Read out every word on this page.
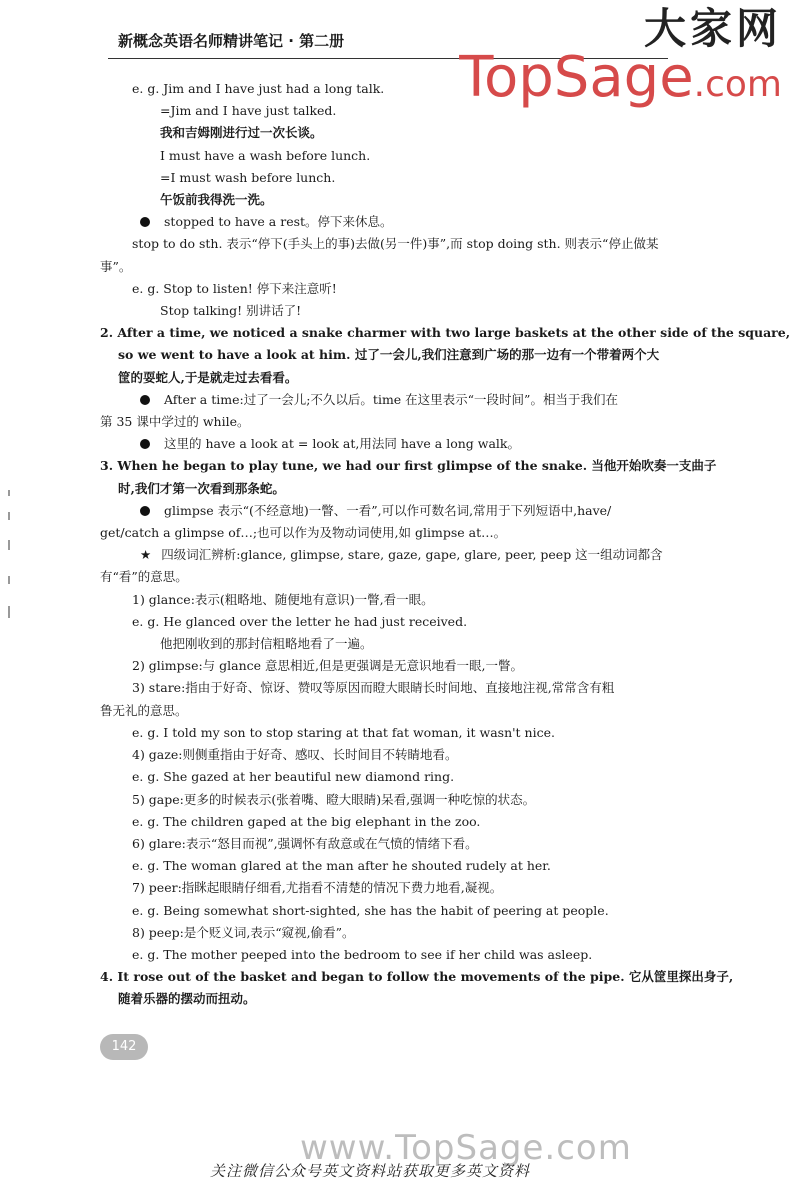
新概念英语名师精讲笔记 · 第二册	大家网
TopSage.com
e. g. Jim and I have just had a long talk.
=Jim and I have just talked.
我和吉姆刚进行过一次长谈。
I must have a wash before lunch.
=I must wash before lunch.
午饭前我得洗一洗。
stopped to have a rest。停下来休息。
stop to do sth. 表示“停下(手头上的事)去做(另一件)事”,而 stop doing sth. 则表示“停止做某
事”。
e. g. Stop to listen! 停下来注意听!
Stop talking! 别讲话了!
2. After a time, we noticed a snake charmer with two large baskets at the other side of the square,
so we went to have a look at him. 过了一会儿,我们注意到广场的那一边有一个带着两个大
筐的耍蛇人,于是就走过去看看。
After a time:过了一会儿;不久以后。time 在这里表示“一段时间”。相当于我们在
第 35 课中学过的 while。
这里的 have a look at = look at,用法同 have a long walk。
3. When he began to play tune, we had our first glimpse of the snake. 当他开始吹奏一支曲子
时,我们才第一次看到那条蛇。
glimpse 表示“(不经意地)一瞥、一看”,可以作可数名词,常用于下列短语中,have/
get/catch a glimpse of…;也可以作为及物动词使用,如 glimpse at…。
★ 四级词汇辨析:glance, glimpse, stare, gaze, gape, glare, peer, peep 这一组动词都含
有“看”的意思。
1) glance:表示(粗略地、随便地有意识)一瞥,看一眼。
e. g. He glanced over the letter he had just received.
他把刚收到的那封信粗略地看了一遍。
2) glimpse:与 glance 意思相近,但是更强调是无意识地看一眼,一瞥。
3) stare:指由于好奇、惊讶、赞叹等原因而瞪大眼睛长时间地、直接地注视,常常含有粗
鲁无礼的意思。
e. g. I told my son to stop staring at that fat woman, it wasn't nice.
4) gaze:则侧重指由于好奇、感叹、长时间目不转睛地看。
e. g. She gazed at her beautiful new diamond ring.
5) gape:更多的时候表示(张着嘴、瞪大眼睛)呆看,强调一种吃惊的状态。
e. g. The children gaped at the big elephant in the zoo.
6) glare:表示“怒目而视”,强调怀有敌意或在气愤的情绪下看。
e. g. The woman glared at the man after he shouted rudely at her.
7) peer:指眯起眼睛仔细看,尤指看不清楚的情况下费力地看,凝视。
e. g. Being somewhat short-sighted, she has the habit of peering at people.
8) peep:是个贬义词,表示“窥视,偷看”。
e. g. The mother peeped into the bedroom to see if her child was asleep.
4. It rose out of the basket and began to follow the movements of the pipe. 它从筐里探出身子,
随着乐器的摆动而扭动。
142
www.TopSage.com
关注微信公众号英文资料站获取更多英文资料
